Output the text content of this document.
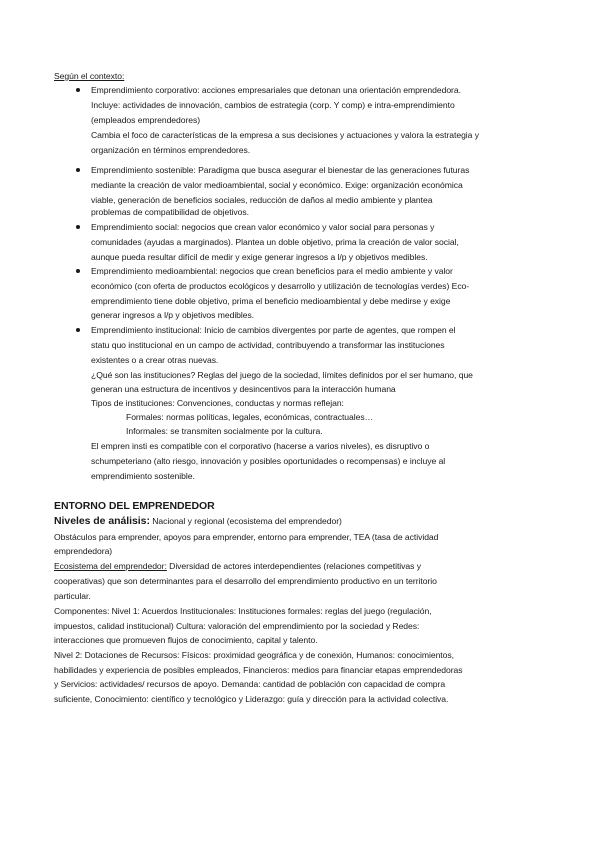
Según el contexto:
Emprendimiento corporativo: acciones empresariales que detonan una orientación emprendedora.
Incluye: actividades de innovación, cambios de estrategia (corp. Y comp) e intra-emprendimiento
(empleados emprendedores)
Cambia el foco de características de la empresa a sus decisiones y actuaciones y valora la estrategia y
organización en términos emprendedores.
Emprendimiento sostenible: Paradigma que busca asegurar el bienestar de las generaciones futuras
mediante la creación de valor medioambiental, social y económico. Exige: organización económica
viable, generación de beneficios sociales, reducción de daños al medio ambiente y plantea
problemas de compatibilidad de objetivos.
Emprendimiento social: negocios que crean valor económico y valor social para personas y
comunidades (ayudas a marginados). Plantea un doble objetivo, prima la creación de valor social,
aunque pueda resultar difícil de medir y exige generar ingresos a l/p y objetivos medibles.
Emprendimiento medioambiental: negocios que crean beneficios para el medio ambiente y valor
económico (con oferta de productos ecológicos y desarrollo y utilización de tecnologías verdes) Eco-
emprendimiento tiene doble objetivo, prima el beneficio medioambiental y debe medirse y exige
generar ingresos a l/p y objetivos medibles.
Emprendimiento institucional: Inicio de cambios divergentes por parte de agentes, que rompen el
statu quo institucional en un campo de actividad, contribuyendo a transformar las instituciones
existentes o a crear otras nuevas.
¿Qué son las instituciones? Reglas del juego de la sociedad, límites definidos por el ser humano, que
generan una estructura de incentivos y desincentivos para la interacción humana
Tipos de instituciones: Convenciones, conductas y normas reflejan:
Formales: normas políticas, legales, económicas, contractuales…
Informales: se transmiten socialmente por la cultura.
El empren insti es compatible con el corporativo (hacerse a varios niveles), es disruptivo o
schumpeteriano (alto riesgo, innovación y posibles oportunidades o recompensas) e incluye al
emprendimiento sostenible.
ENTORNO DEL EMPRENDEDOR
Niveles de análisis: Nacional y regional (ecosistema del emprendedor)
Obstáculos para emprender, apoyos para emprender, entorno para emprender, TEA (tasa de actividad
emprendedora)
Ecosistema del emprendedor: Diversidad de actores interdependientes (relaciones competitivas y
cooperativas) que son determinantes para el desarrollo del emprendimiento productivo en un territorio
particular.
Componentes: Nivel 1: Acuerdos Institucionales: Instituciones formales: reglas del juego (regulación,
impuestos, calidad institucional) Cultura: valoración del emprendimiento por la sociedad y Redes:
interacciones que promueven flujos de conocimiento, capital y talento.
Nivel 2: Dotaciones de Recursos: Físicos: proximidad geográfica y de conexión, Humanos: conocimientos,
habilidades y experiencia de posibles empleados, Financieros: medios para financiar etapas emprendedoras
y Servicios: actividades/ recursos de apoyo. Demanda: cantidad de población con capacidad de compra
suficiente, Conocimiento: científico y tecnológico y Liderazgo: guía y dirección para la actividad colectiva.
